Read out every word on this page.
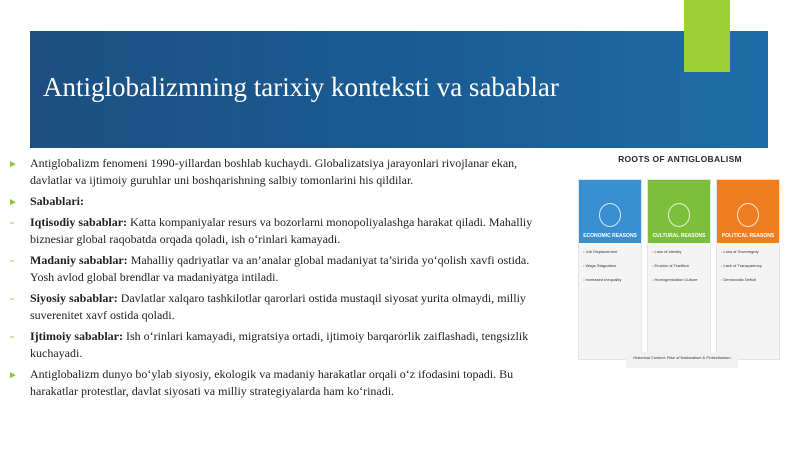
Antiglobalizmning tarixiy konteksti va sabablar
► Antiglobalizm fenomeni 1990-yillardan boshlab kuchaydi. Globalizatsiya jarayonlari rivojlanar ekan, davlatlar va ijtimoiy guruhlar uni boshqarishning salbiy tomonlarini his qildilar.
► Sabablari:
-	Iqtisodiy sabablar: Katta kompaniyalar resurs va bozorlarni monopoliyalashga harakat qiladi. Mahalliy biznesiar global raqobatda orqada qoladi, ish o‘rinlari kamayadi.
-	Madaniy sabablar: Mahalliy qadriyatlar va an’analar global madaniyat ta’sirida yo‘qolish xavfi ostida. Yosh avlod global brendlar va madaniyatga intiladi.
-	Siyosiy sabablar: Davlatlar xalqaro tashkilotlar qarorlari ostida mustaqil siyosat yurita olmaydi, milliy suverenitet xavf ostida qoladi.
-	Ijtimoiy sabablar: Ish o‘rinlari kamayadi, migratsiya ortadi, ijtimoiy barqarorlik zaiflashadi, tengsizlik kuchayadi.
► Antiglobalizm dunyo bo‘ylab siyosiy, ekologik va madaniy harakatlar orqali o‘z ifodasini topadi. Bu harakatlar protestlar, davlat siyosati va milliy strategiyalarda ham ko‘rinadi.
ROOTS OF ANTIGLOBALISM
ECONOMIC REASONS
• Job Displacement
• Wage Stagnation
• Increased Inequality
CULTURAL REASONS
• Loss of Identity
• Erosion of Tradition
• Homogenization Culture
POLITICAL REASONS
• Loss of Sovereignty
• Lack of Transparency
• Democratic Deficit
Historical Context: Rise of Nationalism & Protectionism
